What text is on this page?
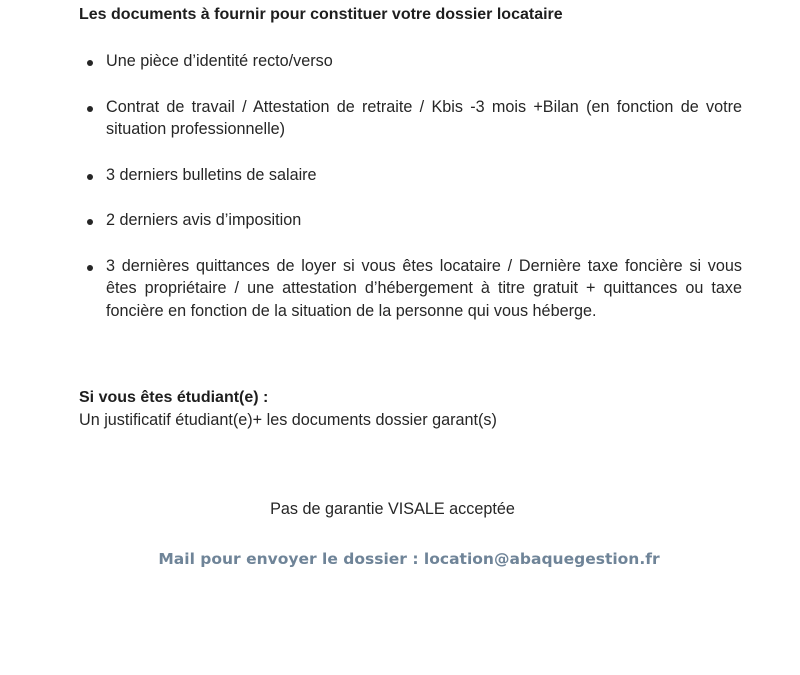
Les documents à fournir pour constituer votre dossier locataire
Une pièce d’identité recto/verso
Contrat de travail / Attestation de retraite / Kbis -3 mois +Bilan (en fonction de votre situation professionnelle)
3 derniers bulletins de salaire
2 derniers avis d’imposition
3 dernières quittances de loyer si vous êtes locataire / Dernière taxe foncière si vous êtes propriétaire / une attestation d’hébergement à titre gratuit + quittances ou taxe foncière en fonction de la situation de la personne qui vous héberge.
Si vous êtes étudiant(e) :
Un justificatif étudiant(e)+ les documents dossier garant(s)
Pas de garantie VISALE acceptée
Mail pour envoyer le dossier : location@abaquegestion.fr
